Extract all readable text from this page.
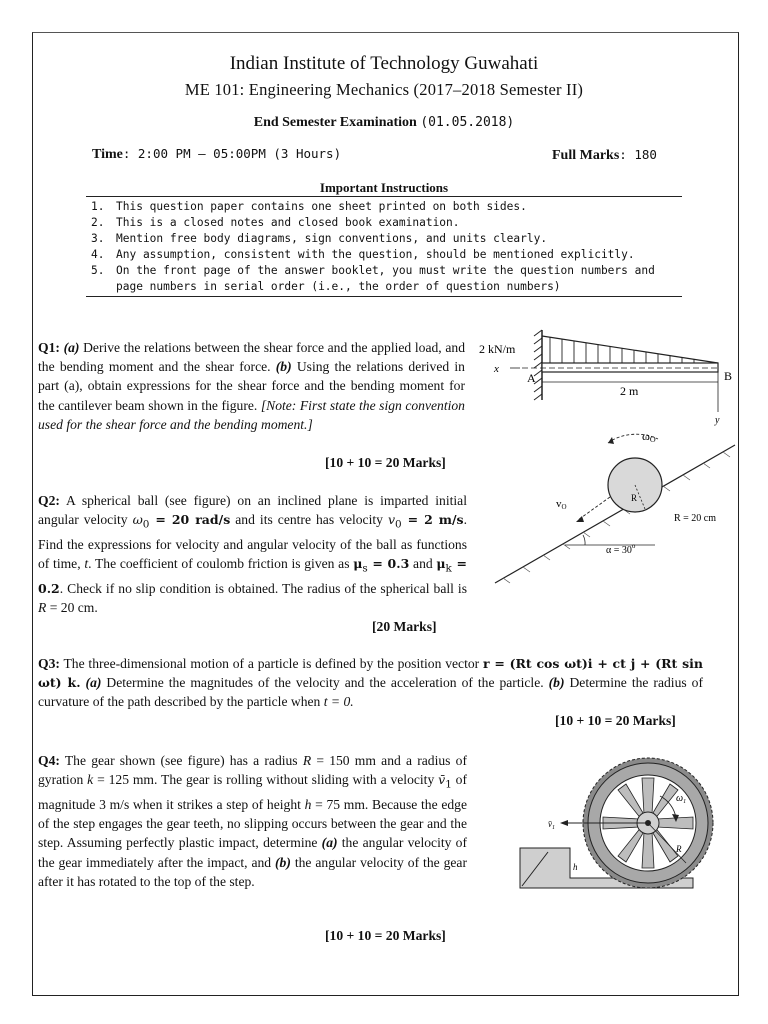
Indian Institute of Technology Guwahati
ME 101: Engineering Mechanics (2017–2018 Semester II)
End Semester Examination (01.05.2018)
Time: 2:00 PM – 05:00PM (3 Hours)	Full Marks: 180
Important Instructions
1. This question paper contains one sheet printed on both sides.
2. This is a closed notes and closed book examination.
3. Mention free body diagrams, sign conventions, and units clearly.
4. Any assumption, consistent with the question, should be mentioned explicitly.
5. On the front page of the answer booklet, you must write the question numbers and page numbers in serial order (i.e., the order of question numbers)
Q1: (a) Derive the relations between the shear force and the applied load, and the bending moment and the shear force. (b) Using the relations derived in part (a), obtain expressions for the shear force and the bending moment for the cantilever beam shown in the figure. [Note: First state the sign convention used for the shear force and the bending moment.]
[10 + 10 = 20 Marks]
2 kN/m
x
A	B
2 m
y
Q2: A spherical ball (see figure) on an inclined plane is imparted initial angular velocity $\omega_0 = 20$ rad/s and its centre has velocity $v_0 = 2$ m/s. Find the expressions for velocity and angular velocity of the ball as functions of time, t. The coefficient of coulomb friction is given as $\mu_s = 0.3$ and $\mu_k = 0.2$. Check if no slip condition is obtained. The radius of the spherical ball is R = 20 cm.
[20 Marks]
ωO
vO
R
R = 20 cm
$\alpha = 30^o$
Q3: The three-dimensional motion of a particle is defined by the position vector r = (Rt cos ωt)i + ct j + (Rt sin ωt) k. (a) Determine the magnitudes of the velocity and the acceleration of the particle. (b) Determine the radius of curvature of the path described by the particle when t = 0.
[10 + 10 = 20 Marks]
Q4: The gear shown (see figure) has a radius R = 150 mm and a radius of gyration k = 125 mm. The gear is rolling without sliding with a velocity $v̄_1$ of magnitude 3 m/s when it strikes a step of height h = 75 mm. Because the edge of the step engages the gear teeth, no slipping occurs between the gear and the step. Assuming perfectly plastic impact, determine (a) the angular velocity of the gear immediately after the impact, and (b) the angular velocity of the gear after it has rotated to the top of the step.
[10 + 10 = 20 Marks]
$v̄_1$
$\omega_1$
R
h
